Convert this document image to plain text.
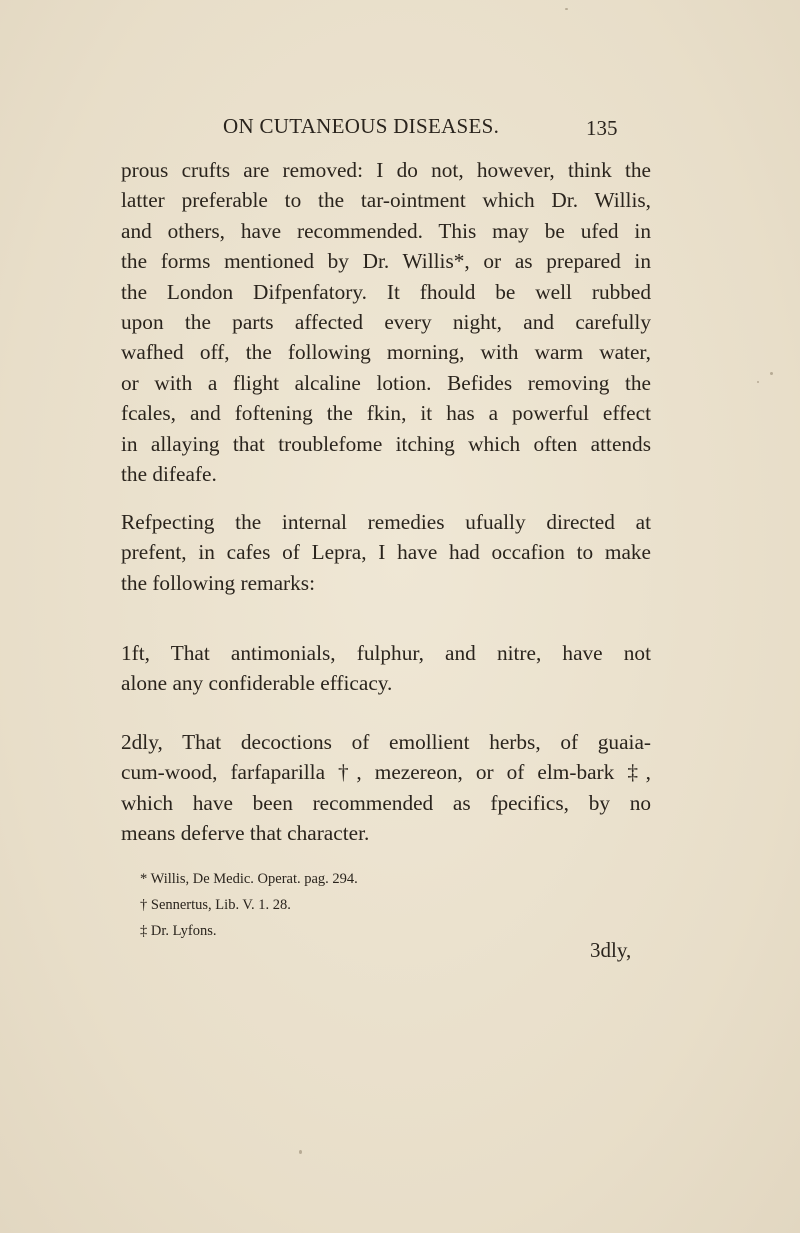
ON CUTANEOUS DISEASES.	135
prous crufts are removed: I do not, however, think the
latter preferable to the tar-ointment which Dr. Willis,
and others, have recommended. This may be ufed in
the forms mentioned by Dr. Willis*, or as prepared in
the London Difpenfatory. It fhould be well rubbed
upon the parts affected every night, and carefully
wafhed off, the following morning, with warm water,
or with a flight alcaline lotion. Befides removing the
fcales, and foftening the fkin, it has a powerful effect
in allaying that troublefome itching which often attends
the difeafe.
Refpecting the internal remedies ufually directed at
prefent, in cafes of Lepra, I have had occafion to make
the following remarks:
1ft, That antimonials, fulphur, and nitre, have not
alone any confiderable efficacy.
2dly, That decoctions of emollient herbs, of guaia-
cum-wood, farfaparilla †, mezereon, or of elm-bark ‡,
which have been recommended as fpecifics, by no
means deferve that character.
* Willis, De Medic. Operat. pag. 294.
† Sennertus, Lib. V. 1. 28.
‡ Dr. Lyfons.
3dly,
